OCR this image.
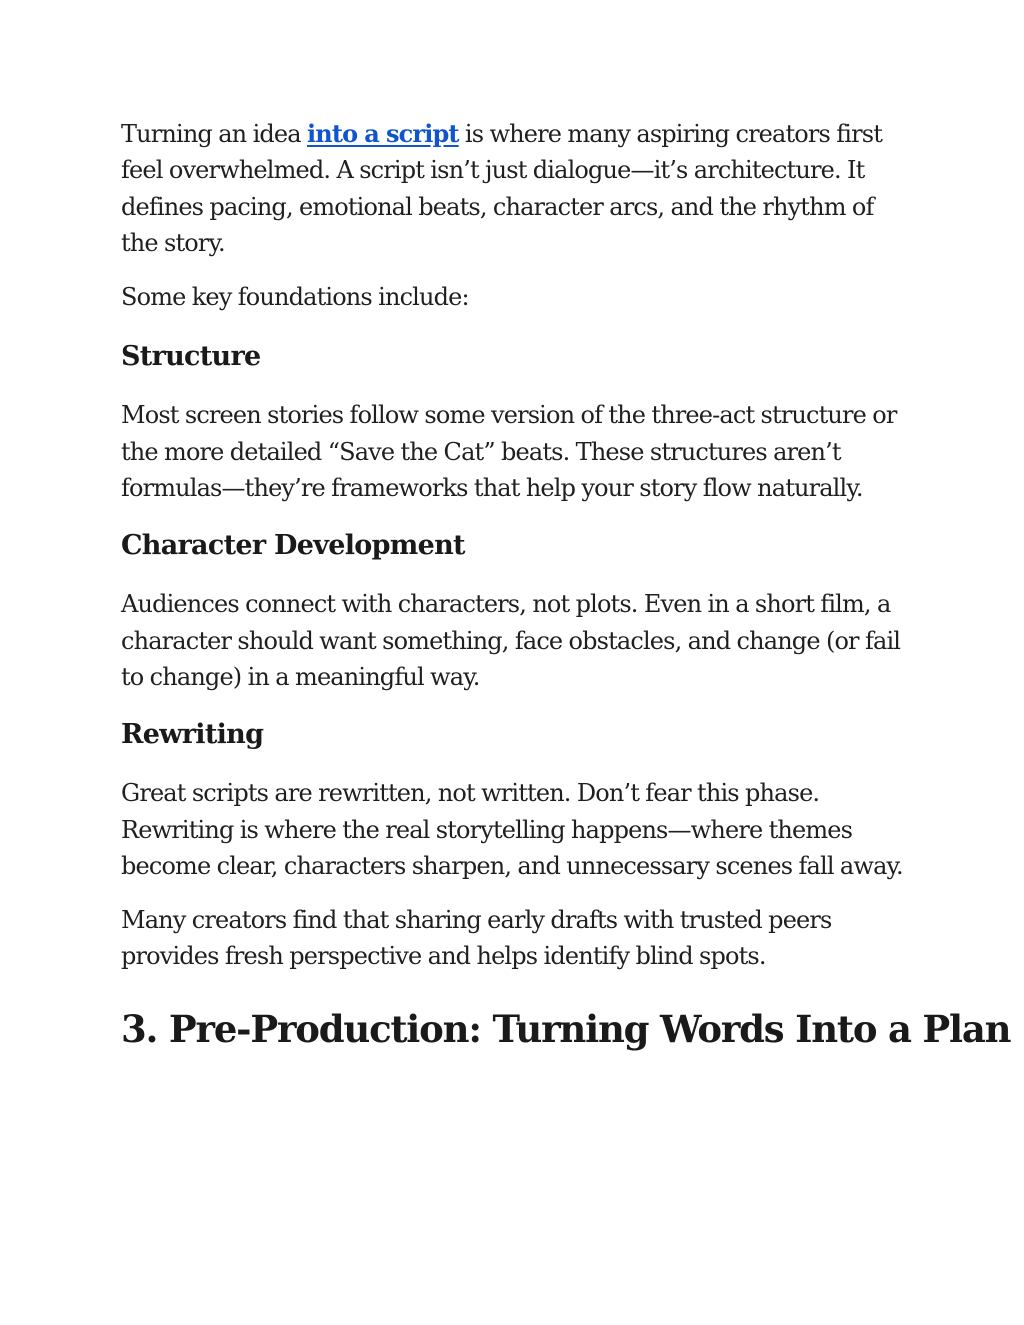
Turning an idea into a script is where many aspiring creators first feel overwhelmed. A script isn’t just dialogue—it’s architecture. It defines pacing, emotional beats, character arcs, and the rhythm of the story.

Some key foundations include:

Structure

Most screen stories follow some version of the three-act structure or the more detailed “Save the Cat” beats. These structures aren’t formulas—they’re frameworks that help your story flow naturally.

Character Development

Audiences connect with characters, not plots. Even in a short film, a character should want something, face obstacles, and change (or fail to change) in a meaningful way.

Rewriting

Great scripts are rewritten, not written. Don’t fear this phase. Rewriting is where the real storytelling happens—where themes become clear, characters sharpen, and unnecessary scenes fall away.

Many creators find that sharing early drafts with trusted peers provides fresh perspective and helps identify blind spots.

3. Pre-Production: Turning Words Into a Plan
